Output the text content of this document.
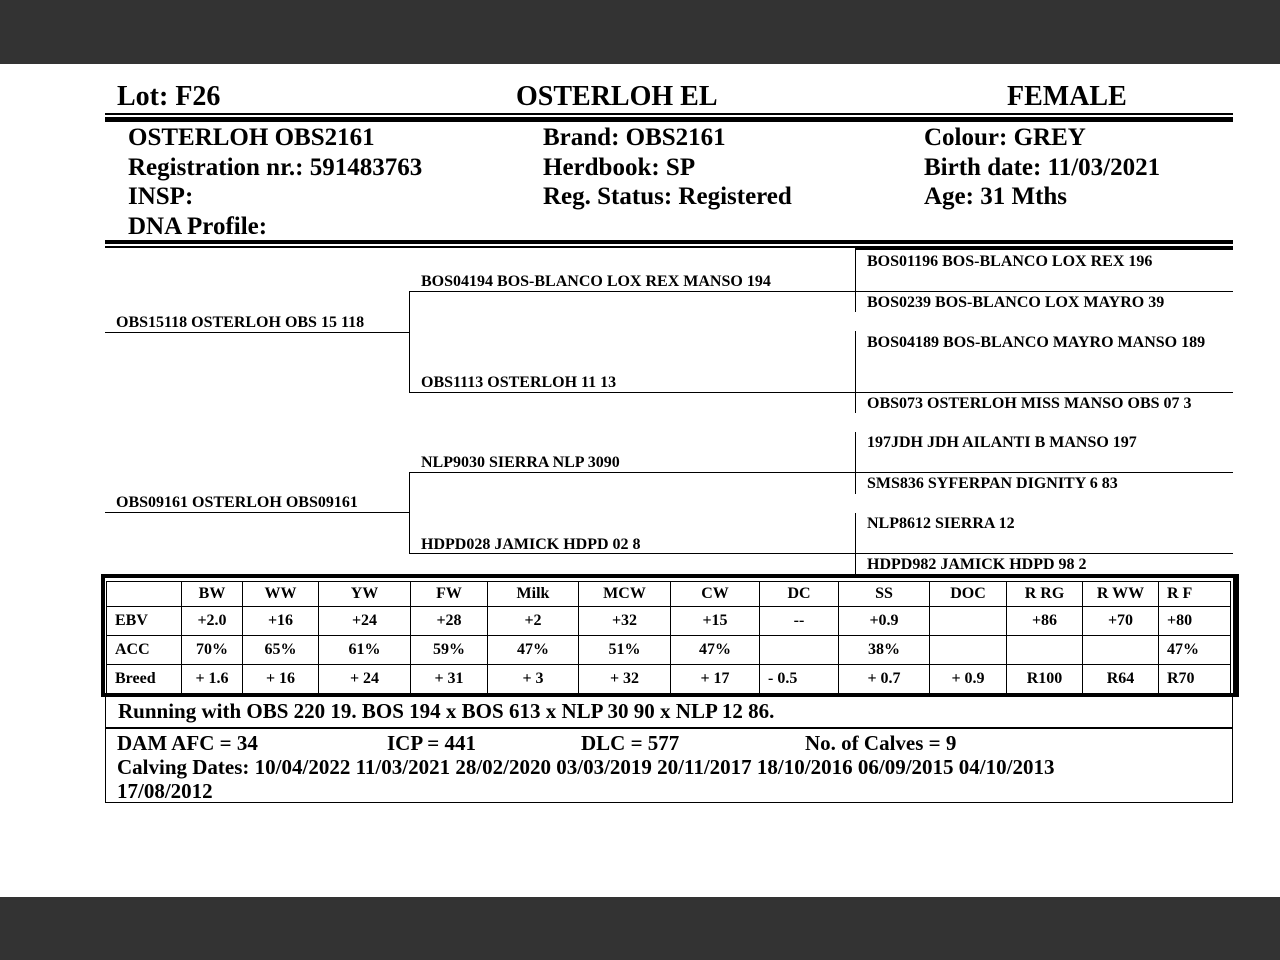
Lot: F26	OSTERLOH EL	FEMALE
OSTERLOH OBS2161
Registration nr.: 591483763
INSP:
DNA Profile:
Brand: OBS2161
Herdbook: SP
Reg. Status: Registered
Colour: GREY
Birth date: 11/03/2021
Age: 31 Mths
OBS15118 OSTERLOH OBS 15 118
OBS09161 OSTERLOH OBS09161
BOS04194 BOS-BLANCO LOX REX MANSO 194
OBS1113 OSTERLOH 11 13
NLP9030 SIERRA NLP 3090
HDPD028 JAMICK HDPD 02 8
BOS01196 BOS-BLANCO LOX REX 196
BOS0239 BOS-BLANCO LOX MAYRO 39
BOS04189 BOS-BLANCO MAYRO MANSO 189
OBS073 OSTERLOH MISS MANSO OBS 07 3
197JDH JDH AILANTI B MANSO 197
SMS836 SYFERPAN DIGNITY 6 83
NLP8612 SIERRA 12
HDPD982 JAMICK HDPD 98 2
	BW	WW	YW	FW	Milk	MCW	CW	DC	SS	DOC	R RG	R WW	R F
EBV	+2.0	+16	+24	+28	+2	+32	+15	--	+0.9		+86	+70	+80
ACC	70%	65%	61%	59%	47%	51%	47%		38%				47%
Breed	+ 1.6	+ 16	+ 24	+ 31	+ 3	+ 32	+ 17	- 0.5	+ 0.7	+ 0.9	R100	R64	R70
Running with OBS 220 19. BOS 194 x BOS 613 x NLP 30 90 x NLP 12 86.
DAM AFC = 34	ICP = 441	DLC = 577	No. of Calves = 9
Calving Dates: 10/04/2022 11/03/2021 28/02/2020 03/03/2019 20/11/2017 18/10/2016 06/09/2015 04/10/2013
17/08/2012
